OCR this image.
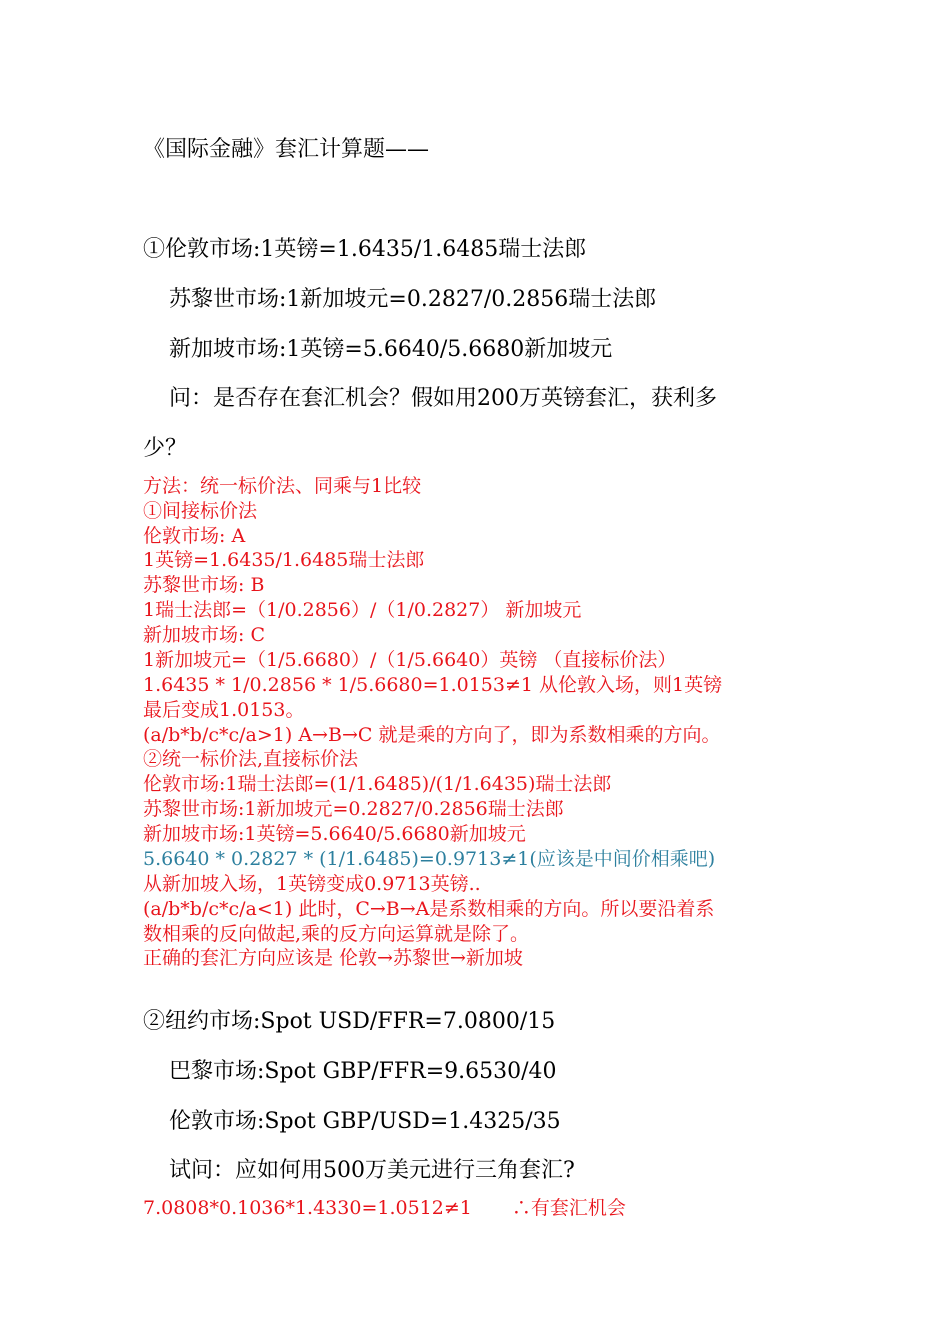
《国际金融》套汇计算题——
①伦敦市场:1英镑=1.6435/1.6485瑞士法郎
苏黎世市场:1新加坡元=0.2827/0.2856瑞士法郎
新加坡市场:1英镑=5.6640/5.6680新加坡元
问：是否存在套汇机会？假如用200万英镑套汇，获利多
少？
方法：统一标价法、同乘与1比较
①间接标价法
伦敦市场: A
1英镑=1.6435/1.6485瑞士法郎
苏黎世市场: B
1瑞士法郎=（1/0.2856）/（1/0.2827） 新加坡元
新加坡市场: C
1新加坡元=（1/5.6680）/（1/5.6640）英镑 （直接标价法）
1.6435 * 1/0.2856 * 1/5.6680=1.0153≠1 从伦敦入场，则1英镑
最后变成1.0153。
(a/b*b/c*c/a>1) A→B→C 就是乘的方向了，即为系数相乘的方向。
②统一标价法,直接标价法
伦敦市场:1瑞士法郎=(1/1.6485)/(1/1.6435)瑞士法郎
苏黎世市场:1新加坡元=0.2827/0.2856瑞士法郎
新加坡市场:1英镑=5.6640/5.6680新加坡元
5.6640 * 0.2827 * (1/1.6485)=0.9713≠1(应该是中间价相乘吧)
从新加坡入场，1英镑变成0.9713英镑..
(a/b*b/c*c/a<1) 此时，C→B→A是系数相乘的方向。所以要沿着系
数相乘的反向做起,乘的反方向运算就是除了。
正确的套汇方向应该是 伦敦→苏黎世→新加坡
②纽约市场:Spot USD/FFR=7.0800/15
巴黎市场:Spot GBP/FFR=9.6530/40
伦敦市场:Spot GBP/USD=1.4325/35
试问：应如何用500万美元进行三角套汇?
7.0808*0.1036*1.4330=1.0512≠1 ∴有套汇机会
